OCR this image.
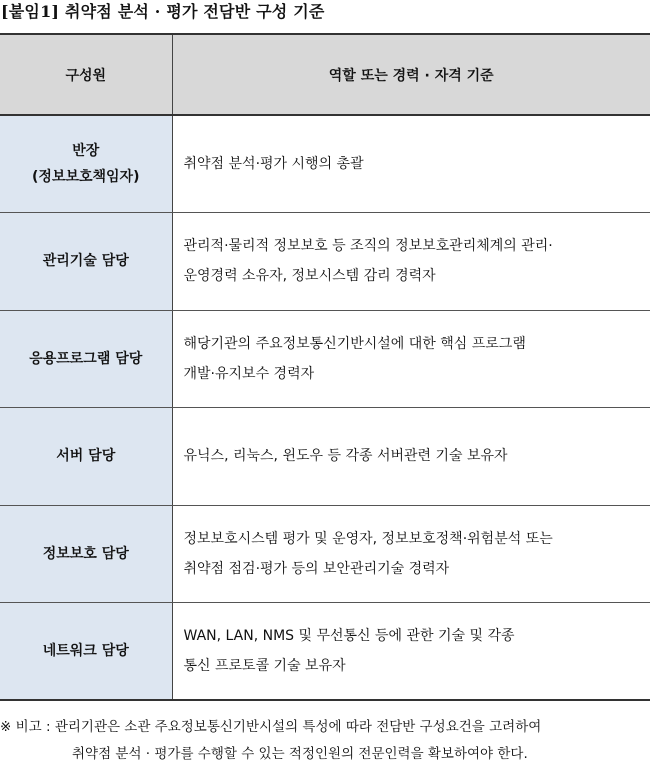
[붙임1] 취약점 분석 · 평가 전담반 구성 기준
구성원	역할 또는 경력 · 자격 기준

반장
(정보보호책임자)	취약점 분석·평가 시행의 총괄

관리기술 담당	관리적·물리적 정보보호 등 조직의 정보보호관리체계의 관리·
운영경력 소유자, 정보시스템 감리 경력자

응용프로그램 담당	해당기관의 주요정보통신기반시설에 대한 핵심 프로그램
개발·유지보수 경력자

서버 담당	유닉스, 리눅스, 윈도우 등 각종 서버관련 기술 보유자

정보보호 담당	정보보호시스템 평가 및 운영자, 정보보호정책·위험분석 또는
취약점 점검·평가 등의 보안관리기술 경력자

네트워크 담당	WAN, LAN, NMS 및 무선통신 등에 관한 기술 및 각종
통신 프로토콜 기술 보유자
※ 비고 : 관리기관은 소관 주요정보통신기반시설의 특성에 따라 전담반 구성요건을 고려하여
취약점 분석 · 평가를 수행할 수 있는 적정인원의 전문인력을 확보하여야 한다.
